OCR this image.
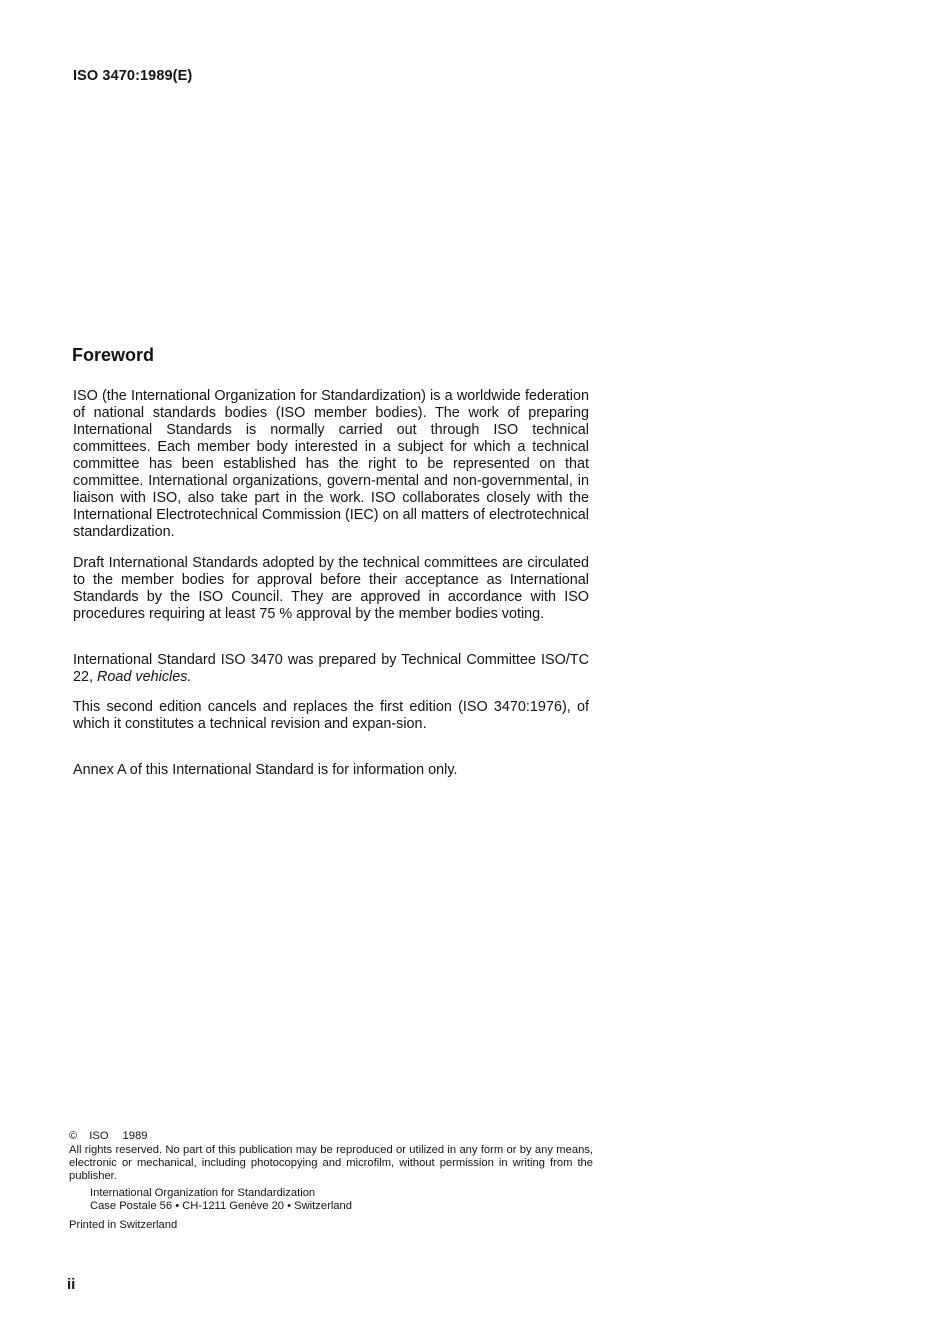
ISO 3470:1989(E)
Foreword

ISO (the International Organization for Standardization) is a worldwide federation of national standards bodies (ISO member bodies). The work of preparing International Standards is normally carried out through ISO technical committees. Each member body interested in a subject for which a technical committee has been established has the right to be represented on that committee. International organizations, govern-mental and non-governmental, in liaison with ISO, also take part in the work. ISO collaborates closely with the International Electrotechnical Commission (IEC) on all matters of electrotechnical standardization.

Draft International Standards adopted by the technical committees are circulated to the member bodies for approval before their acceptance as International Standards by the ISO Council. They are approved in accordance with ISO procedures requiring at least 75 % approval by the member bodies voting.

International Standard ISO 3470 was prepared by Technical Committee ISO/TC 22, Road vehicles.

This second edition cancels and replaces the first edition (ISO 3470:1976), of which it constitutes a technical revision and expan-sion.

Annex A of this International Standard is for information only.

© ISO 1989
All rights reserved. No part of this publication may be reproduced or utilized in any form or by any means, electronic or mechanical, including photocopying and microfilm, without permission in writing from the publisher.
International Organization for Standardization
Case Postale 56 • CH-1211 Genève 20 • Switzerland
Printed in Switzerland
ii
